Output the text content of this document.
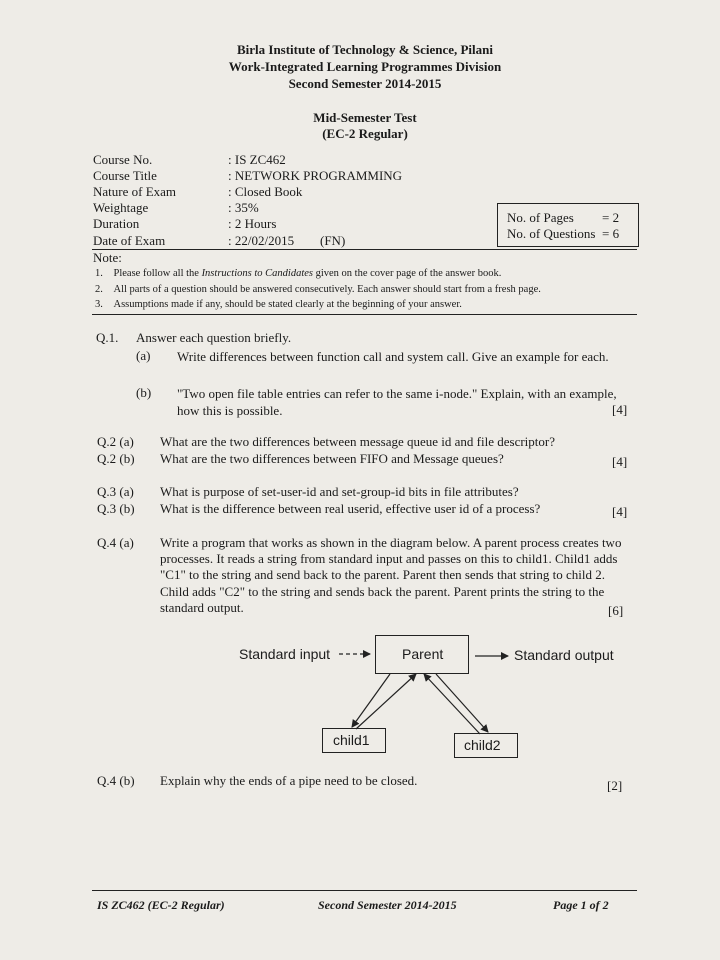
Birla Institute of Technology & Science, Pilani
Work-Integrated Learning Programmes Division
Second Semester 2014-2015
Mid-Semester Test
(EC-2 Regular)
Course No.	: IS ZC462
Course Title	: NETWORK PROGRAMMING
Nature of Exam	: Closed Book
Weightage	: 35%
Duration	: 2 Hours
Date of Exam	: 22/02/2015 (FN)
No. of Pages = 2
No. of Questions = 6
Note:
1. Please follow all the Instructions to Candidates given on the cover page of the answer book.
2. All parts of a question should be answered consecutively. Each answer should start from a fresh page.
3. Assumptions made if any, should be stated clearly at the beginning of your answer.
Q.1. Answer each question briefly.
(a) Write differences between function call and system call. Give an example for each.
(b) "Two open file table entries can refer to the same i-node." Explain, with an example, how this is possible.	[4]
Q.2 (a) What are the two differences between message queue id and file descriptor?
Q.2 (b) What are the two differences between FIFO and Message queues?	[4]
Q.3 (a) What is purpose of set-user-id and set-group-id bits in file attributes?
Q.3 (b) What is the difference between real userid, effective user id of a process?	[4]
Q.4 (a) Write a program that works as shown in the diagram below. A parent process creates two processes. It reads a string from standard input and passes on this to child1. Child1 adds "C1" to the string and send back to the parent. Parent then sends that string to child 2. Child adds "C2" to the string and sends back the parent. Parent prints the string to the standard output.	[6]
Standard input	Parent	Standard output
child1	child2
Q.4 (b) Explain why the ends of a pipe need to be closed.	[2]
IS ZC462 (EC-2 Regular)	Second Semester 2014-2015	Page 1 of 2
